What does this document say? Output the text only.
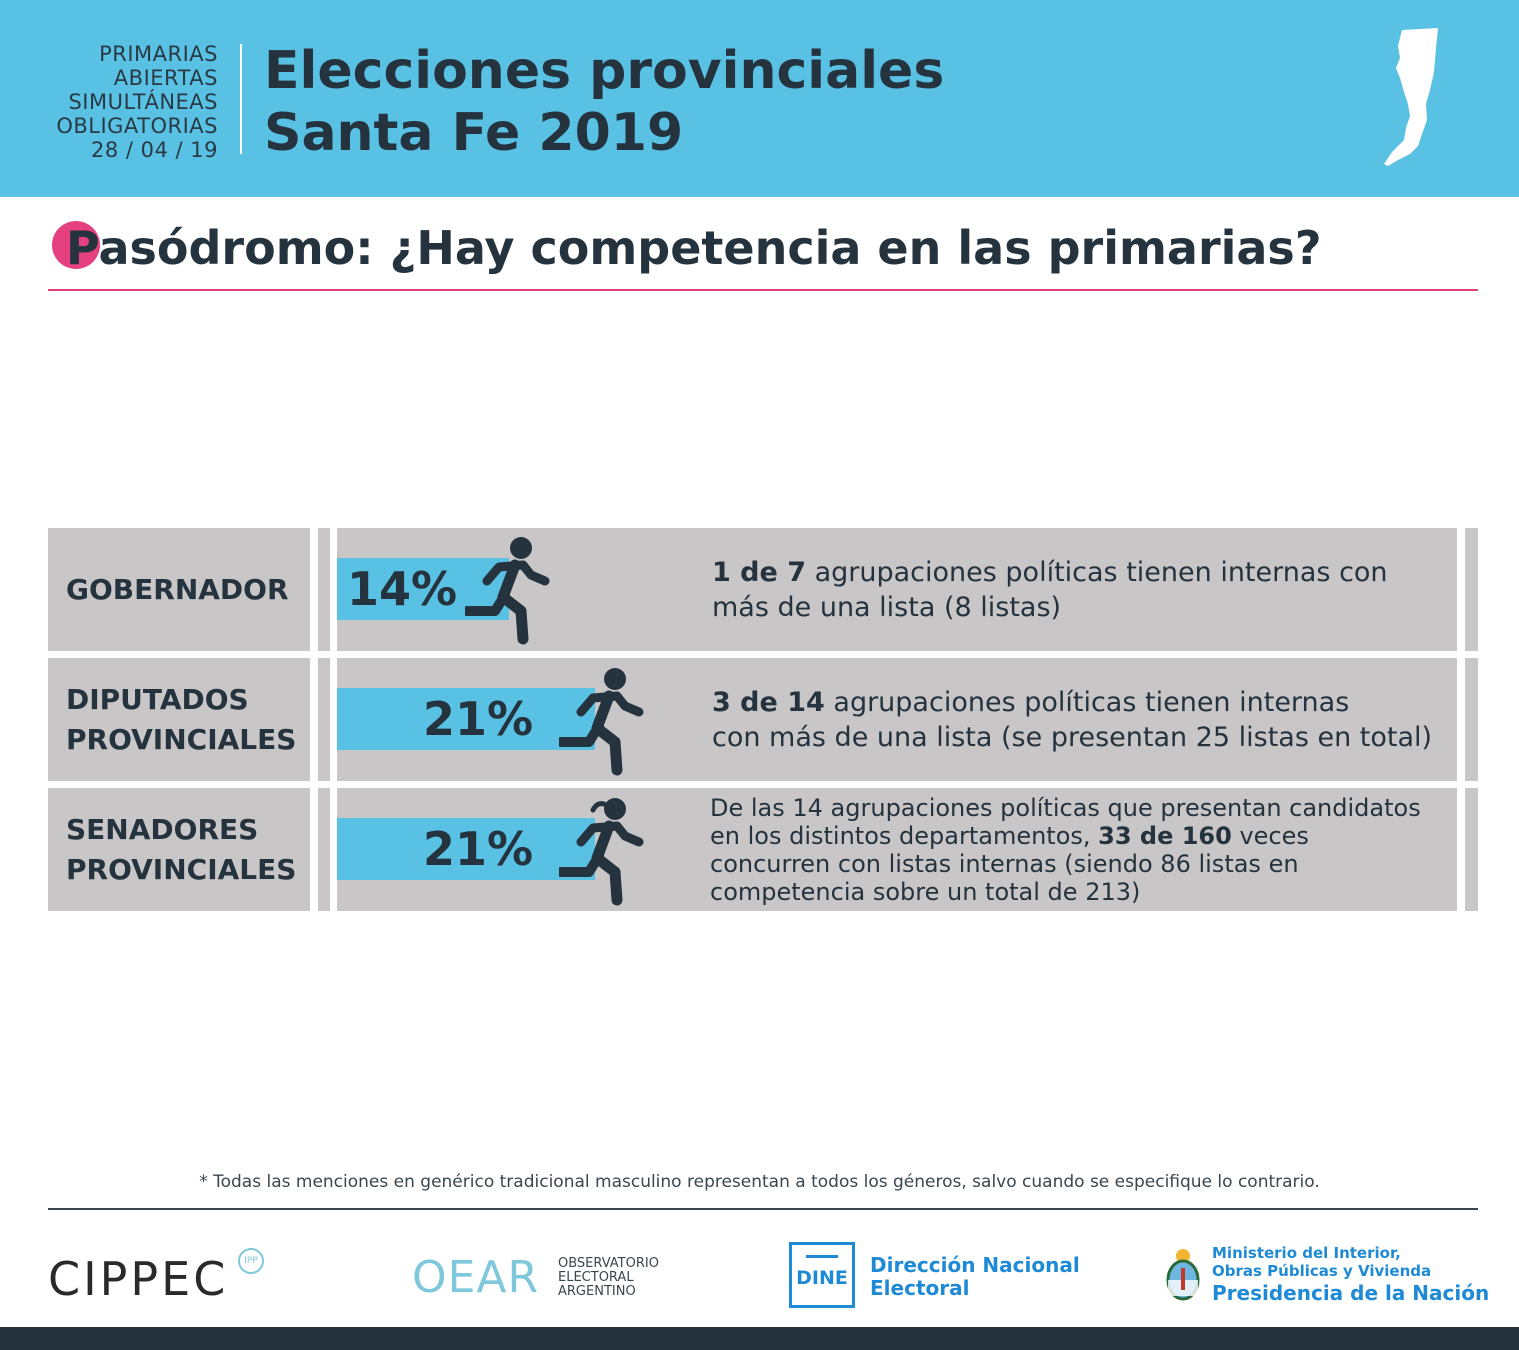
PRIMARIAS
ABIERTAS
SIMULTÁNEAS
OBLIGATORIAS
28 / 04 / 19
Elecciones provinciales
Santa Fe 2019
Pasódromo: ¿Hay competencia en las primarias?
GOBERNADOR 14%	1 de 7 agrupaciones políticas tienen internas con
más de una lista (8 listas)
DIPUTADOS
PROVINCIALES	21%	3 de 14 agrupaciones políticas tienen internas
con más de una lista (se presentan 25 listas en total)
SENADORES
PROVINCIALES	21%
De las 14 agrupaciones políticas que presentan candidatos
en los distintos departamentos, 33 de 160 veces
concurren con listas internas (siendo 86 listas en
competencia sobre un total de 213)
* Todas las menciones en genérico tradicional masculino representan a todos los géneros, salvo cuando se especifique lo contrario.
CIPPEC	IPP	OEAR OBSERVATORIO
ELECTORAL
ARGENTINO
DINE
Dirección Nacional
Electoral
Ministerio del Interior,
Obras Públicas y Vivienda
Presidencia de la Nación
